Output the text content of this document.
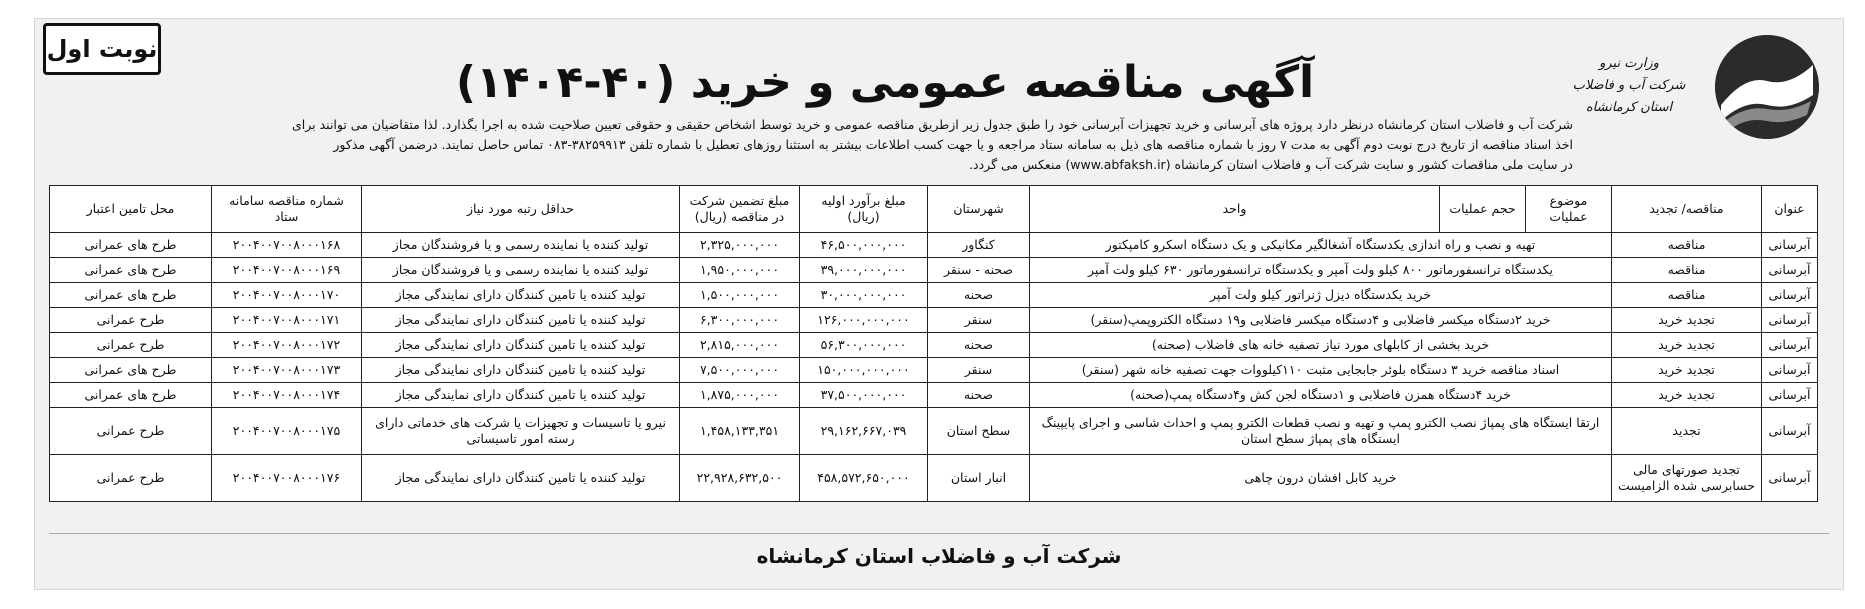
نوبت اول
آگهی مناقصه عمومی و خرید (۴۰-۱۴۰۴)	وزارت نیرو
شرکت آب و فاضلاب استان کرمانشاه
شرکت آب و فاضلاب استان کرمانشاه درنظر دارد پروژه های آبرسانی و خرید تجهیزات آبرسانی خود را طبق جدول زیر ازطریق مناقصه عمومی و خرید توسط اشخاص حقیقی و حقوقی تعیین صلاحیت شده به اجرا بگذارد. لذا متقاضیان می توانند برای
اخذ اسناد مناقصه از تاریخ درج نوبت دوم آگهی به مدت ۷ روز با شماره مناقصه های ذیل به سامانه ستاد مراجعه و یا جهت کسب اطلاعات بیشتر به استثنا روزهای تعطیل با شماره تلفن ۳۸۲۵۹۹۱۳-۰۸۳ تماس حاصل نمایند. درضمن آگهی مذکور
در سایت ملی مناقصات کشور و سایت شرکت آب و فاضلاب استان کرمانشاه (www.abfaksh.ir) منعکس می گردد.
عنوان	مناقصه/ تجدید	موضوع عملیات	حجم عملیات	واحد	شهرستان	مبلغ برآورد اولیه (ریال)	مبلغ تضمین شرکت در مناقصه (ریال)	حداقل رتبه مورد نیاز	شماره مناقصه سامانه ستاد	محل تامین اعتبار
آبرسانی	مناقصه	تهیه و نصب و راه اندازی یکدستگاه آشغالگیر مکانیکی و یک دستگاه اسکرو کامپکتور			کنگاور	۴۶,۵۰۰,۰۰۰,۰۰۰	۲,۳۲۵,۰۰۰,۰۰۰	تولید کننده یا نماینده رسمی و یا فروشندگان مجاز	۲۰۰۴۰۰۷۰۰۸۰۰۰۱۶۸	طرح های عمرانی
آبرسانی	مناقصه	یکدستگاه ترانسفورماتور ۸۰۰ کیلو ولت آمپر و یکدستگاه ترانسفورماتور ۶۳۰ کیلو ولت آمپر			صحنه - سنقر	۳۹,۰۰۰,۰۰۰,۰۰۰	۱,۹۵۰,۰۰۰,۰۰۰	تولید کننده یا نماینده رسمی و یا فروشندگان مجاز	۲۰۰۴۰۰۷۰۰۸۰۰۰۱۶۹	طرح های عمرانی
آبرسانی	مناقصه	خرید یکدستگاه دیزل ژنراتور کیلو ولت آمپر			صحنه	۳۰,۰۰۰,۰۰۰,۰۰۰	۱,۵۰۰,۰۰۰,۰۰۰	تولید کننده یا تامین کنندگان دارای نمایندگی مجاز	۲۰۰۴۰۰۷۰۰۸۰۰۰۱۷۰	طرح های عمرانی
آبرسانی	تجدید خرید	خرید ۲دستگاه میکسر فاضلابی و ۴دستگاه میکسر فاضلابی و۱۹ دستگاه الکتروپمپ(سنقر)			سنقر	۱۲۶,۰۰۰,۰۰۰,۰۰۰	۶,۳۰۰,۰۰۰,۰۰۰	تولید کننده یا تامین کنندگان دارای نمایندگی مجاز	۲۰۰۴۰۰۷۰۰۸۰۰۰۱۷۱	طرح عمرانی
آبرسانی	تجدید خرید	خرید بخشی از کابلهای مورد نیاز تصفیه خانه های فاضلاب (صحنه)			صحنه	۵۶,۳۰۰,۰۰۰,۰۰۰	۲,۸۱۵,۰۰۰,۰۰۰	تولید کننده یا تامین کنندگان دارای نمایندگی مجاز	۲۰۰۴۰۰۷۰۰۸۰۰۰۱۷۲	طرح عمرانی
آبرسانی	تجدید خرید	اسناد مناقصه خرید ۳ دستگاه بلوئر جابجایی مثبت ۱۱۰کیلووات جهت تصفیه خانه شهر (سنقر)			سنقر	۱۵۰,۰۰۰,۰۰۰,۰۰۰	۷,۵۰۰,۰۰۰,۰۰۰	تولید کننده یا تامین کنندگان دارای نمایندگی مجاز	۲۰۰۴۰۰۷۰۰۸۰۰۰۱۷۳	طرح های عمرانی
آبرسانی	تجدید خرید	خرید ۴دستگاه همزن فاضلابی و ۱دستگاه لجن کش و۴دستگاه پمپ(صحنه)			صحنه	۳۷,۵۰۰,۰۰۰,۰۰۰	۱,۸۷۵,۰۰۰,۰۰۰	تولید کننده یا تامین کنندگان دارای نمایندگی مجاز	۲۰۰۴۰۰۷۰۰۸۰۰۰۱۷۴	طرح های عمرانی
آبرسانی	تجدید	ارتقا ایستگاه های پمپاژ نصب الکترو پمپ و تهیه و نصب قطعات الکترو پمپ و احداث شاسی و اجرای پایپینگ ایستگاه های پمپاژ سطح استان			سطح استان	۲۹,۱۶۲,۶۶۷,۰۳۹	۱,۴۵۸,۱۳۳,۳۵۱	نیرو یا تاسیسات و تجهیزات یا شرکت های خدماتی دارای رسته امور تاسیساتی	۲۰۰۴۰۰۷۰۰۸۰۰۰۱۷۵	طرح عمرانی
آبرسانی	تجدید صورتهای مالی حسابرسی شده الزامیست	خرید کابل افشان درون چاهی			انبار استان	۴۵۸,۵۷۲,۶۵۰,۰۰۰	۲۲,۹۲۸,۶۳۲,۵۰۰	تولید کننده یا تامین کنندگان دارای نمایندگی مجاز	۲۰۰۴۰۰۷۰۰۸۰۰۰۱۷۶	طرح عمرانی
شرکت آب و فاضلاب استان کرمانشاه
